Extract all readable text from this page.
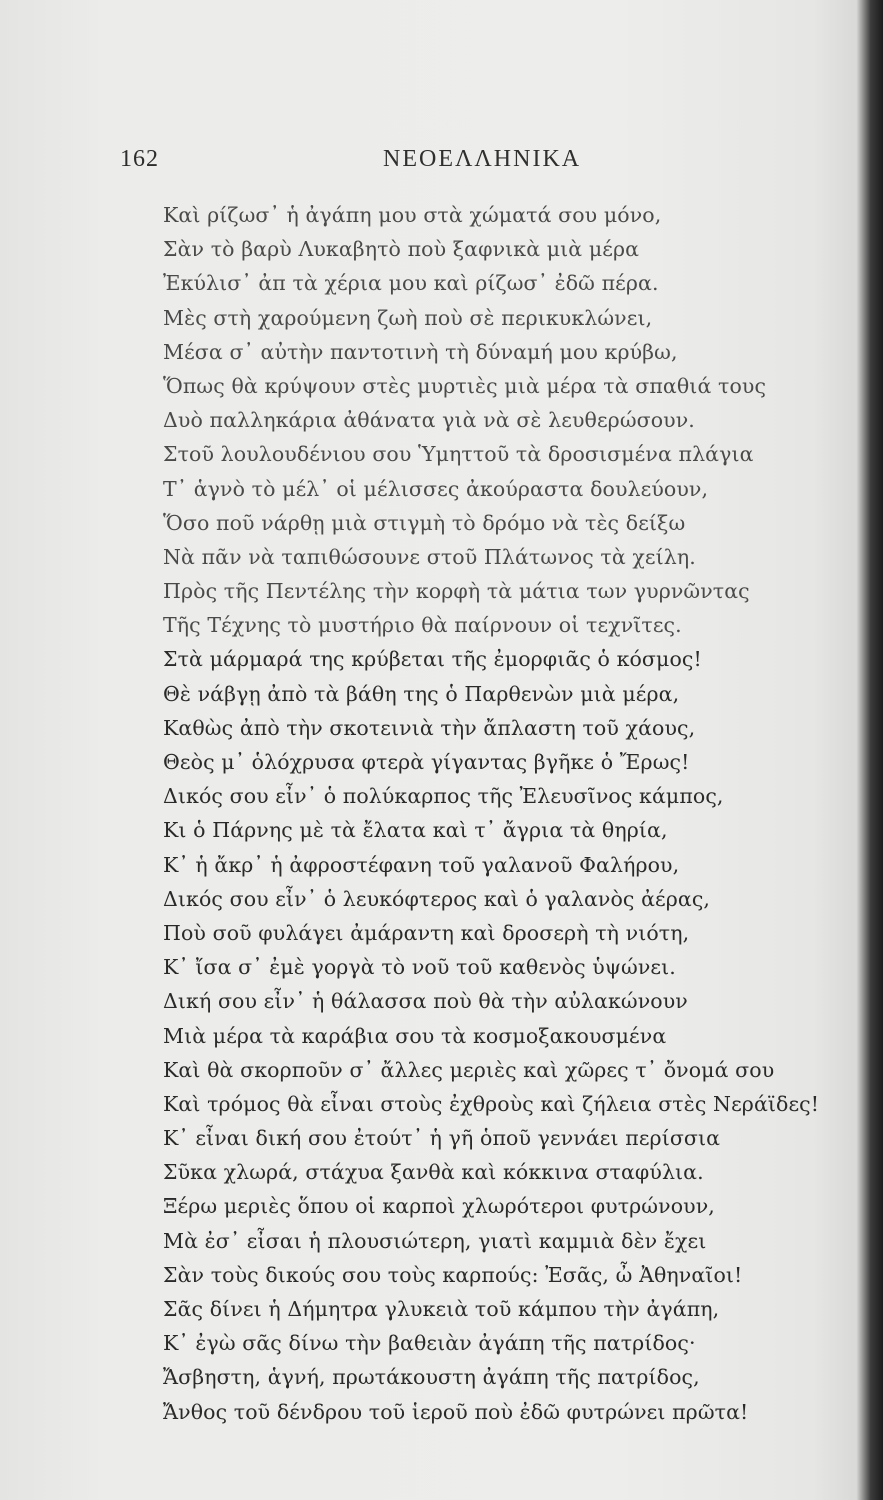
162	ΝΕΟΕΛΛΗΝΙΚΑ
Καὶ ρίζωσ᾽ ἡ ἀγάπη μου στὰ χώματά σου μόνο,
Σὰν τὸ βαρὺ Λυκαβητὸ ποὺ ξαφνικὰ μιὰ μέρα
Ἐκύλισ᾽ ἀπ τὰ χέρια μου καὶ ρίζωσ᾽ ἐδῶ πέρα.
Μὲς στὴ χαρούμενη ζωὴ ποὺ σὲ περικυκλώνει,
Μέσα σ᾽ αὐτὴν παντοτινὴ τὴ δύναμή μου κρύβω,
Ὅπως θὰ κρύψουν στὲς μυρτιὲς μιὰ μέρα τὰ σπαθιά τους
Δυὸ παλληκάρια ἀθάνατα γιὰ νὰ σὲ λευθερώσουν.
Στοῦ λουλουδένιου σου Ὑμηττοῦ τὰ δροσισμένα πλάγια
Τ᾽ ἁγνὸ τὸ μέλ᾽ οἱ μέλισσες ἀκούραστα δουλεύουν,
Ὅσο ποῦ νάρθῃ μιὰ στιγμὴ τὸ δρόμο νὰ τὲς δείξω
Νὰ πᾶν νὰ ταπιθώσουνε στοῦ Πλάτωνος τὰ χείλη.
Πρὸς τῆς Πεντέλης τὴν κορφὴ τὰ μάτια των γυρνῶντας
Τῆς Τέχνης τὸ μυστήριο θὰ παίρνουν οἱ τεχνῖτες.
Στὰ μάρμαρά της κρύβεται τῆς ἐμορφιᾶς ὁ κόσμος!
Θὲ νάβγῃ ἀπὸ τὰ βάθη της ὁ Παρθενὼν μιὰ μέρα,
Καθὼς ἀπὸ τὴν σκοτεινιὰ τὴν ἄπλαστη τοῦ χάους,
Θεὸς μ᾽ ὁλόχρυσα φτερὰ γίγαντας βγῆκε ὁ Ἔρως!
Δικός σου εἶν᾽ ὁ πολύκαρπος τῆς Ἐλευσῖνος κάμπος,
Κι ὁ Πάρνης μὲ τὰ ἔλατα καὶ τ᾽ ἄγρια τὰ θηρία,
Κ᾽ ἡ ἄκρ᾽ ἡ ἀφροστέφανη τοῦ γαλανοῦ Φαλήρου,
Δικός σου εἶν᾽ ὁ λευκόφτερος καὶ ὁ γαλανὸς ἀέρας,
Ποὺ σοῦ φυλάγει ἀμάραντη καὶ δροσερὴ τὴ νιότη,
Κ᾽ ἴσα σ᾽ ἐμὲ γοργὰ τὸ νοῦ τοῦ καθενὸς ὑψώνει.
Δική σου εἶν᾽ ἡ θάλασσα ποὺ θὰ τὴν αὐλακώνουν
Μιὰ μέρα τὰ καράβια σου τὰ κοσμοξακουσμένα
Καὶ θὰ σκορποῦν σ᾽ ἄλλες μεριὲς καὶ χῶρες τ᾽ ὄνομά σου
Καὶ τρόμος θὰ εἶναι στοὺς ἐχθροὺς καὶ ζήλεια στὲς Νεράϊδες!
Κ᾽ εἶναι δική σου ἐτούτ᾽ ἡ γῆ ὁπoῦ γεννάει περίσσια
Σῦκα χλωρά, στάχυα ξανθὰ καὶ κόκκινα σταφύλια.
Ξέρω μεριὲς ὅπου οἱ καρποὶ χλωρότεροι φυτρώνουν,
Μὰ ἐσ᾽ εἶσαι ἡ πλουσιώτερη, γιατὶ καμμιὰ δὲν ἔχει
Σὰν τοὺς δικούς σου τοὺς καρπούς: Ἐσᾶς, ὦ Ἀθηναῖοι!
Σᾶς δίνει ἡ Δήμητρα γλυκειὰ τοῦ κάμπου τὴν ἀγάπη,
Κ᾽ ἐγὼ σᾶς δίνω τὴν βαθειὰν ἀγάπη τῆς πατρίδος·
Ἄσβηστη, ἁγνή, πρωτάκουστη ἀγάπη τῆς πατρίδος,
Ἄνθος τοῦ δένδρου τοῦ ἱεροῦ ποὺ ἐδῶ φυτρώνει πρῶτα!
